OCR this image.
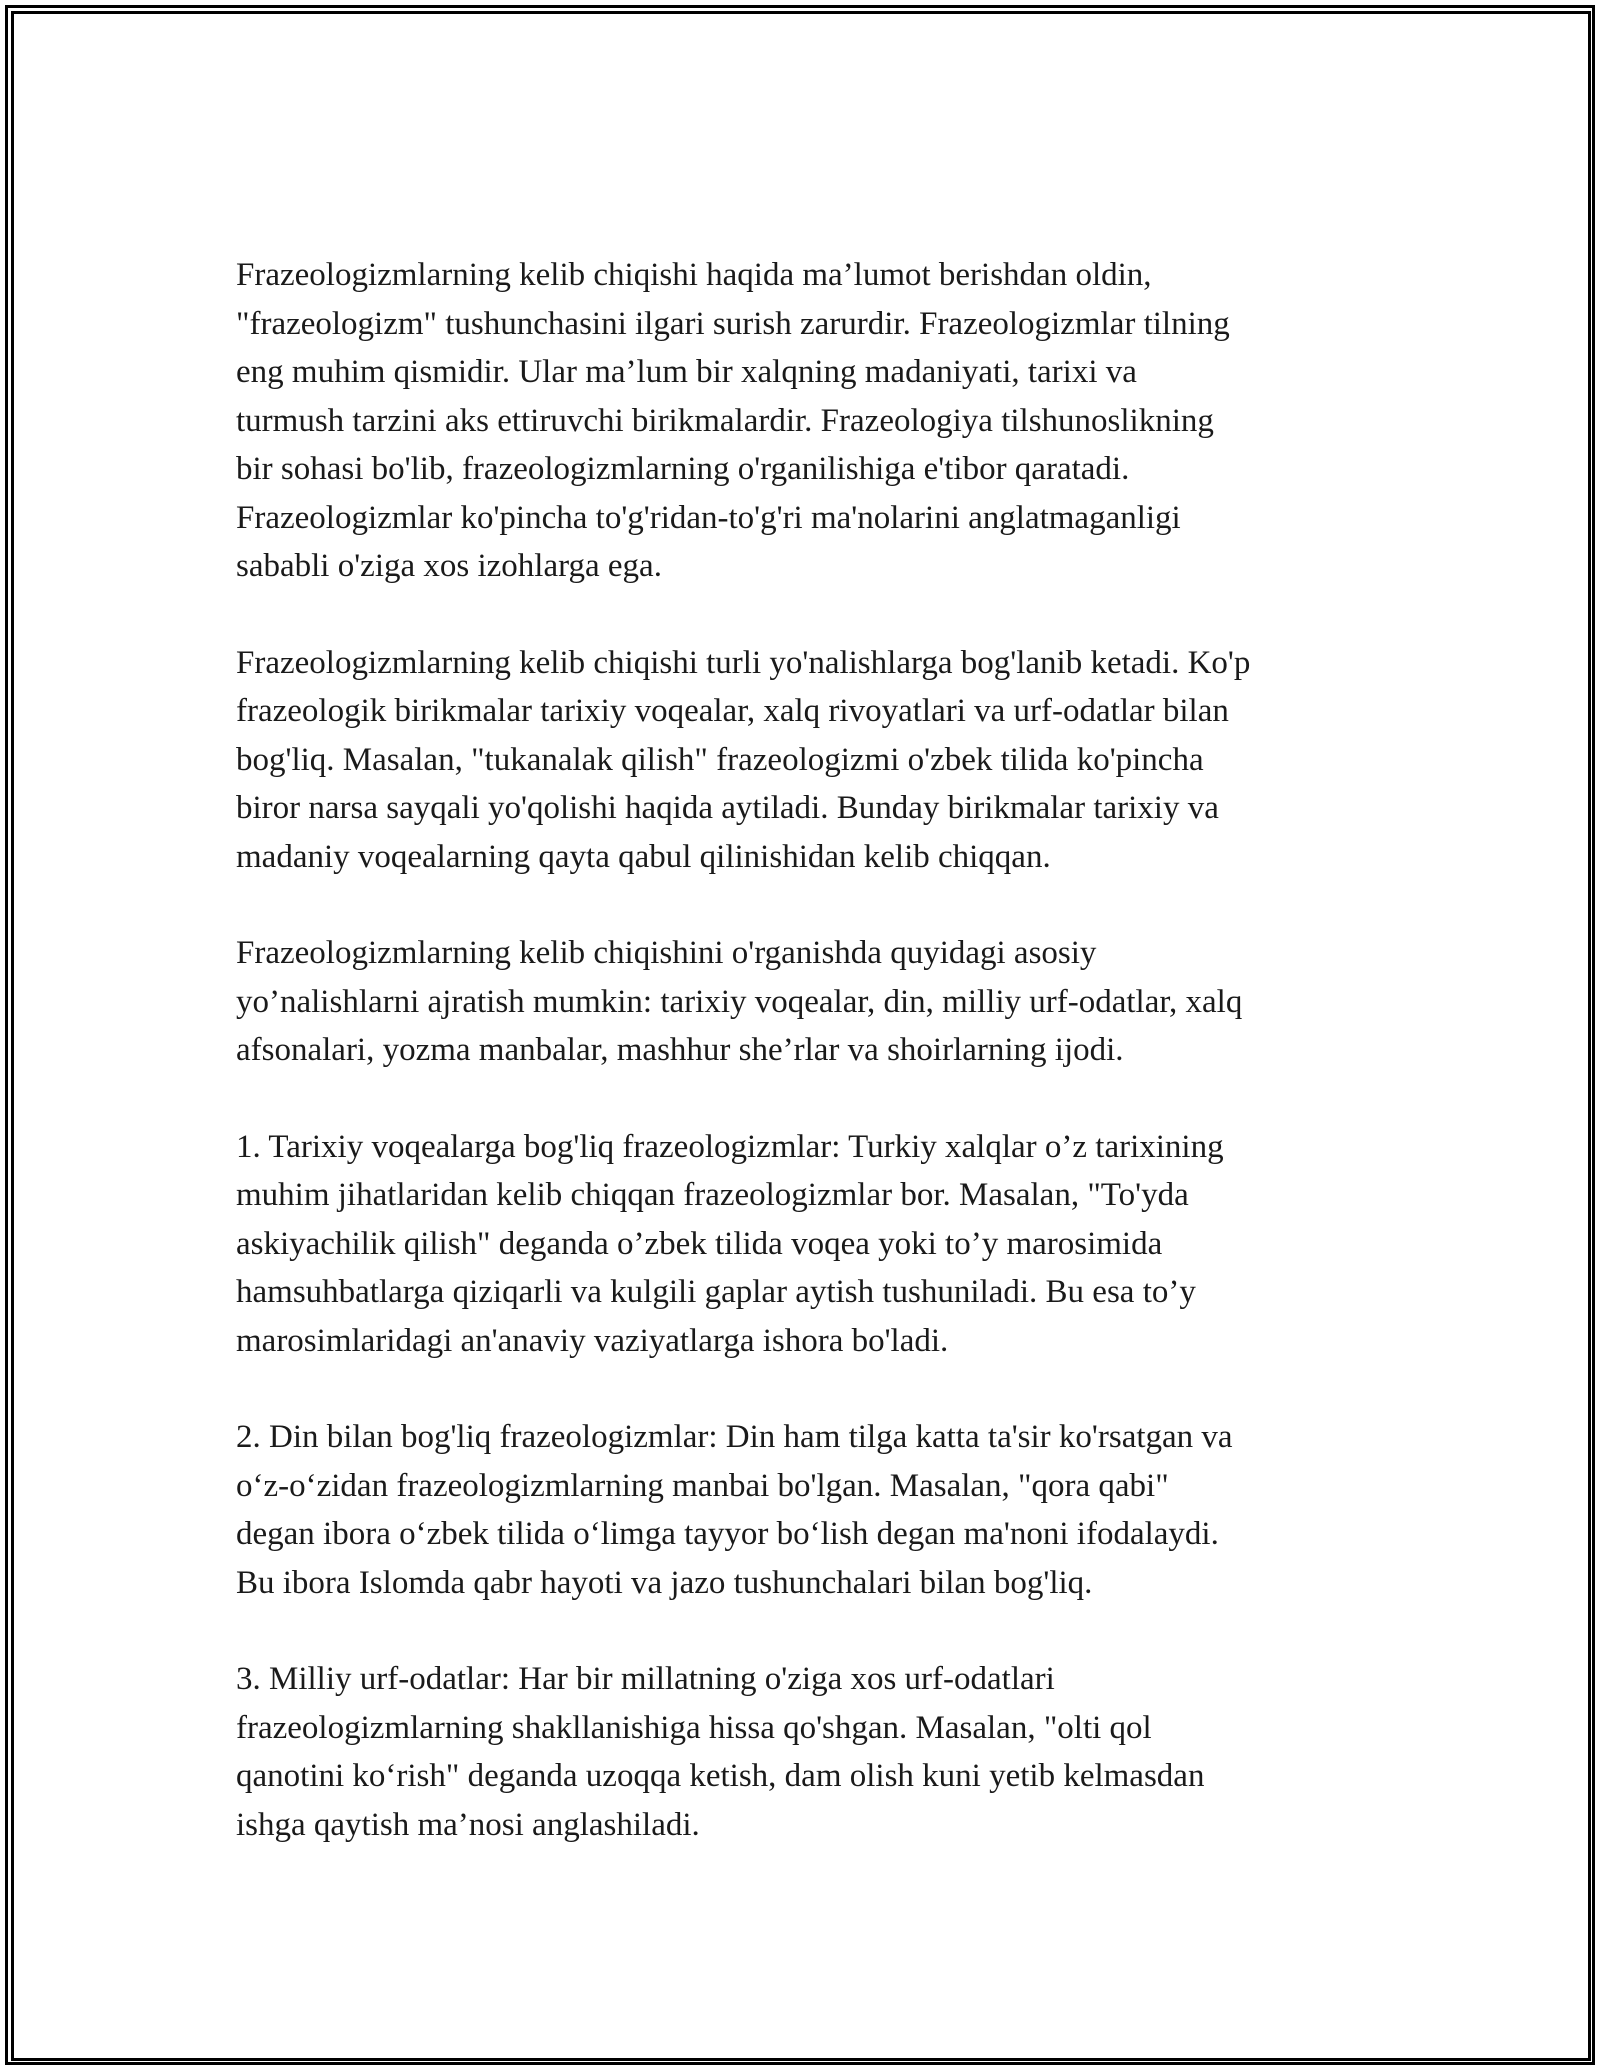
Frazeologizmlarning kelib chiqishi haqida ma’lumot berishdan oldin,
"frazeologizm" tushunchasini ilgari surish zarurdir. Frazeologizmlar tilning
eng muhim qismidir. Ular ma’lum bir xalqning madaniyati, tarixi va
turmush tarzini aks ettiruvchi birikmalardir. Frazeologiya tilshunoslikning
bir sohasi bo'lib, frazeologizmlarning o'rganilishiga e'tibor qaratadi.
Frazeologizmlar ko'pincha to'g'ridan-to'g'ri ma'nolarini anglatmaganligi
sababli o'ziga xos izohlarga ega.

Frazeologizmlarning kelib chiqishi turli yo'nalishlarga bog'lanib ketadi. Ko'p
frazeologik birikmalar tarixiy voqealar, xalq rivoyatlari va urf-odatlar bilan
bog'liq. Masalan, "tukanalak qilish" frazeologizmi o'zbek tilida ko'pincha
biror narsa sayqali yo'qolishi haqida aytiladi. Bunday birikmalar tarixiy va
madaniy voqealarning qayta qabul qilinishidan kelib chiqqan.

Frazeologizmlarning kelib chiqishini o'rganishda quyidagi asosiy
yo’nalishlarni ajratish mumkin: tarixiy voqealar, din, milliy urf-odatlar, xalq
afsonalari, yozma manbalar, mashhur she’rlar va shoirlarning ijodi.

1. Tarixiy voqealarga bog'liq frazeologizmlar: Turkiy xalqlar o’z tarixining
muhim jihatlaridan kelib chiqqan frazeologizmlar bor. Masalan, "To'yda
askiyachilik qilish" deganda o’zbek tilida voqea yoki to’y marosimida
hamsuhbatlarga qiziqarli va kulgili gaplar aytish tushuniladi. Bu esa to’y
marosimlaridagi an'anaviy vaziyatlarga ishora bo'ladi.

2. Din bilan bog'liq frazeologizmlar: Din ham tilga katta ta'sir ko'rsatgan va
o‘z-o‘zidan frazeologizmlarning manbai bo'lgan. Masalan, "qora qabi"
degan ibora o‘zbek tilida o‘limga tayyor bo‘lish degan ma'noni ifodalaydi.
Bu ibora Islomda qabr hayoti va jazo tushunchalari bilan bog'liq.

3. Milliy urf-odatlar: Har bir millatning o'ziga xos urf-odatlari
frazeologizmlarning shakllanishiga hissa qo'shgan. Masalan, "olti qol
qanotini ko‘rish" deganda uzoqqa ketish, dam olish kuni yetib kelmasdan
ishga qaytish ma’nosi anglashiladi.
